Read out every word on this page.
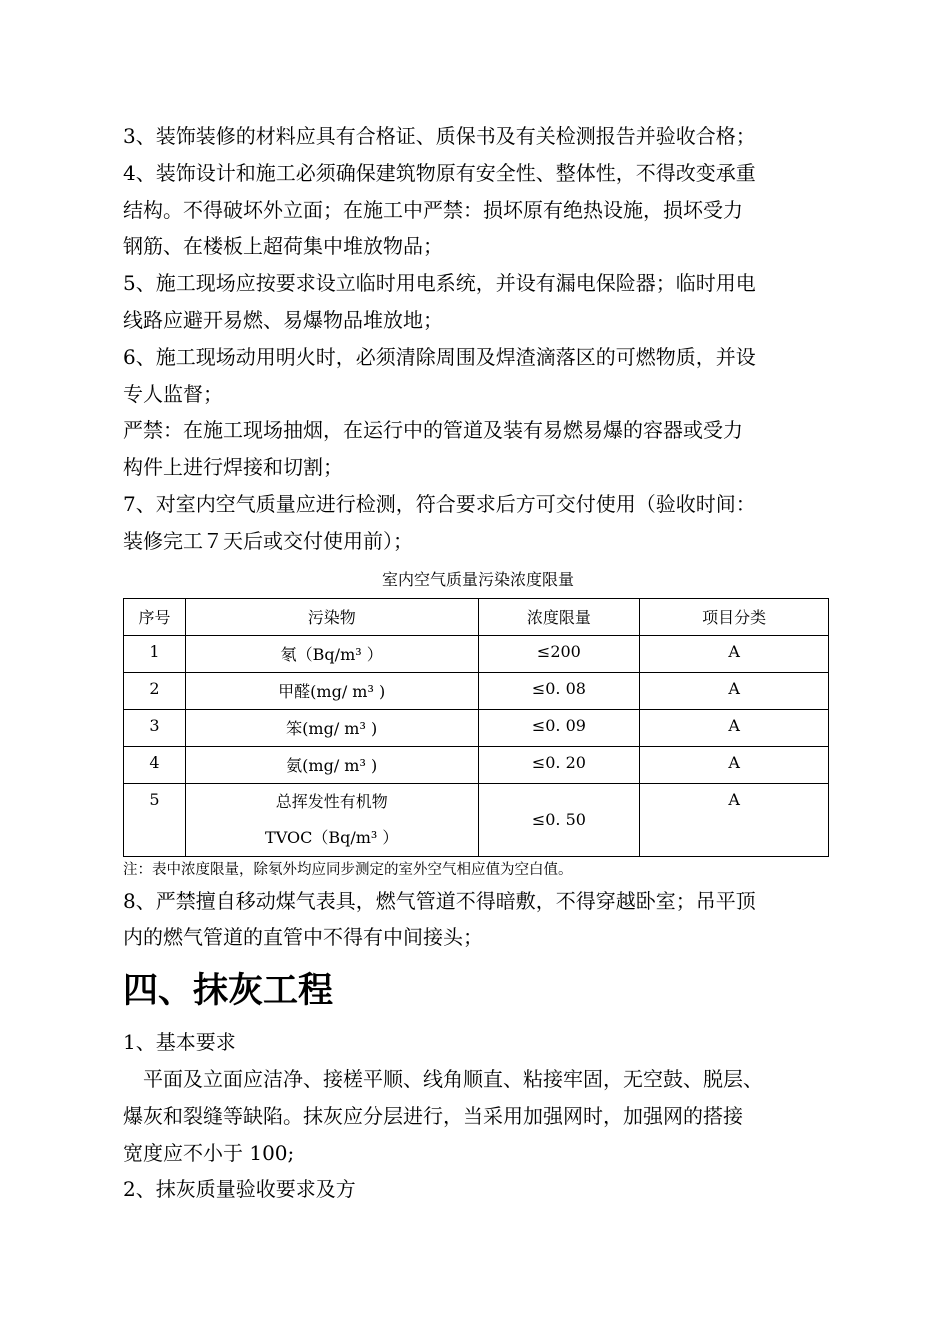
3、装饰装修的材料应具有合格证、质保书及有关检测报告并验收合格；

4、装饰设计和施工必须确保建筑物原有安全性、整体性，不得改变承重

结构。不得破坏外立面；在施工中严禁：损坏原有绝热设施，损坏受力

钢筋、在楼板上超荷集中堆放物品；

5、施工现场应按要求设立临时用电系统，并设有漏电保险器；临时用电

线路应避开易燃、易爆物品堆放地；

6、施工现场动用明火时，必须清除周围及焊渣滴落区的可燃物质，并设

专人监督；

严禁：在施工现场抽烟，在运行中的管道及装有易燃易爆的容器或受力

构件上进行焊接和切割；

7、对室内空气质量应进行检测，符合要求后方可交付使用（验收时间：

装修完工７天后或交付使用前）；

室内空气质量污染浓度限量
序号	污染物	浓度限量	项目分类
1	氡（Bq/m³ ）	≤200	A
2	甲醛(mg/ m³ )	≤0. 08	A
3	笨(mg/ m³ )	≤0. 09	A
4	氨(mg/ m³ )	≤0. 20	A
5	总挥发性有机物
TVOC（Bq/m³ ）	≤0. 50	A

注：表中浓度限量，除氡外均应同步测定的室外空气相应值为空白值。

8、严禁擅自移动煤气表具，燃气管道不得暗敷，不得穿越卧室；吊平顶

内的燃气管道的直管中不得有中间接头；

四、抹灰工程

1、基本要求

平面及立面应洁净、接槎平顺、线角顺直、粘接牢固，无空鼓、脱层、

爆灰和裂缝等缺陷。抹灰应分层进行，当采用加强网时，加强网的搭接

宽度应不小于 100;

2、抹灰质量验收要求及方
